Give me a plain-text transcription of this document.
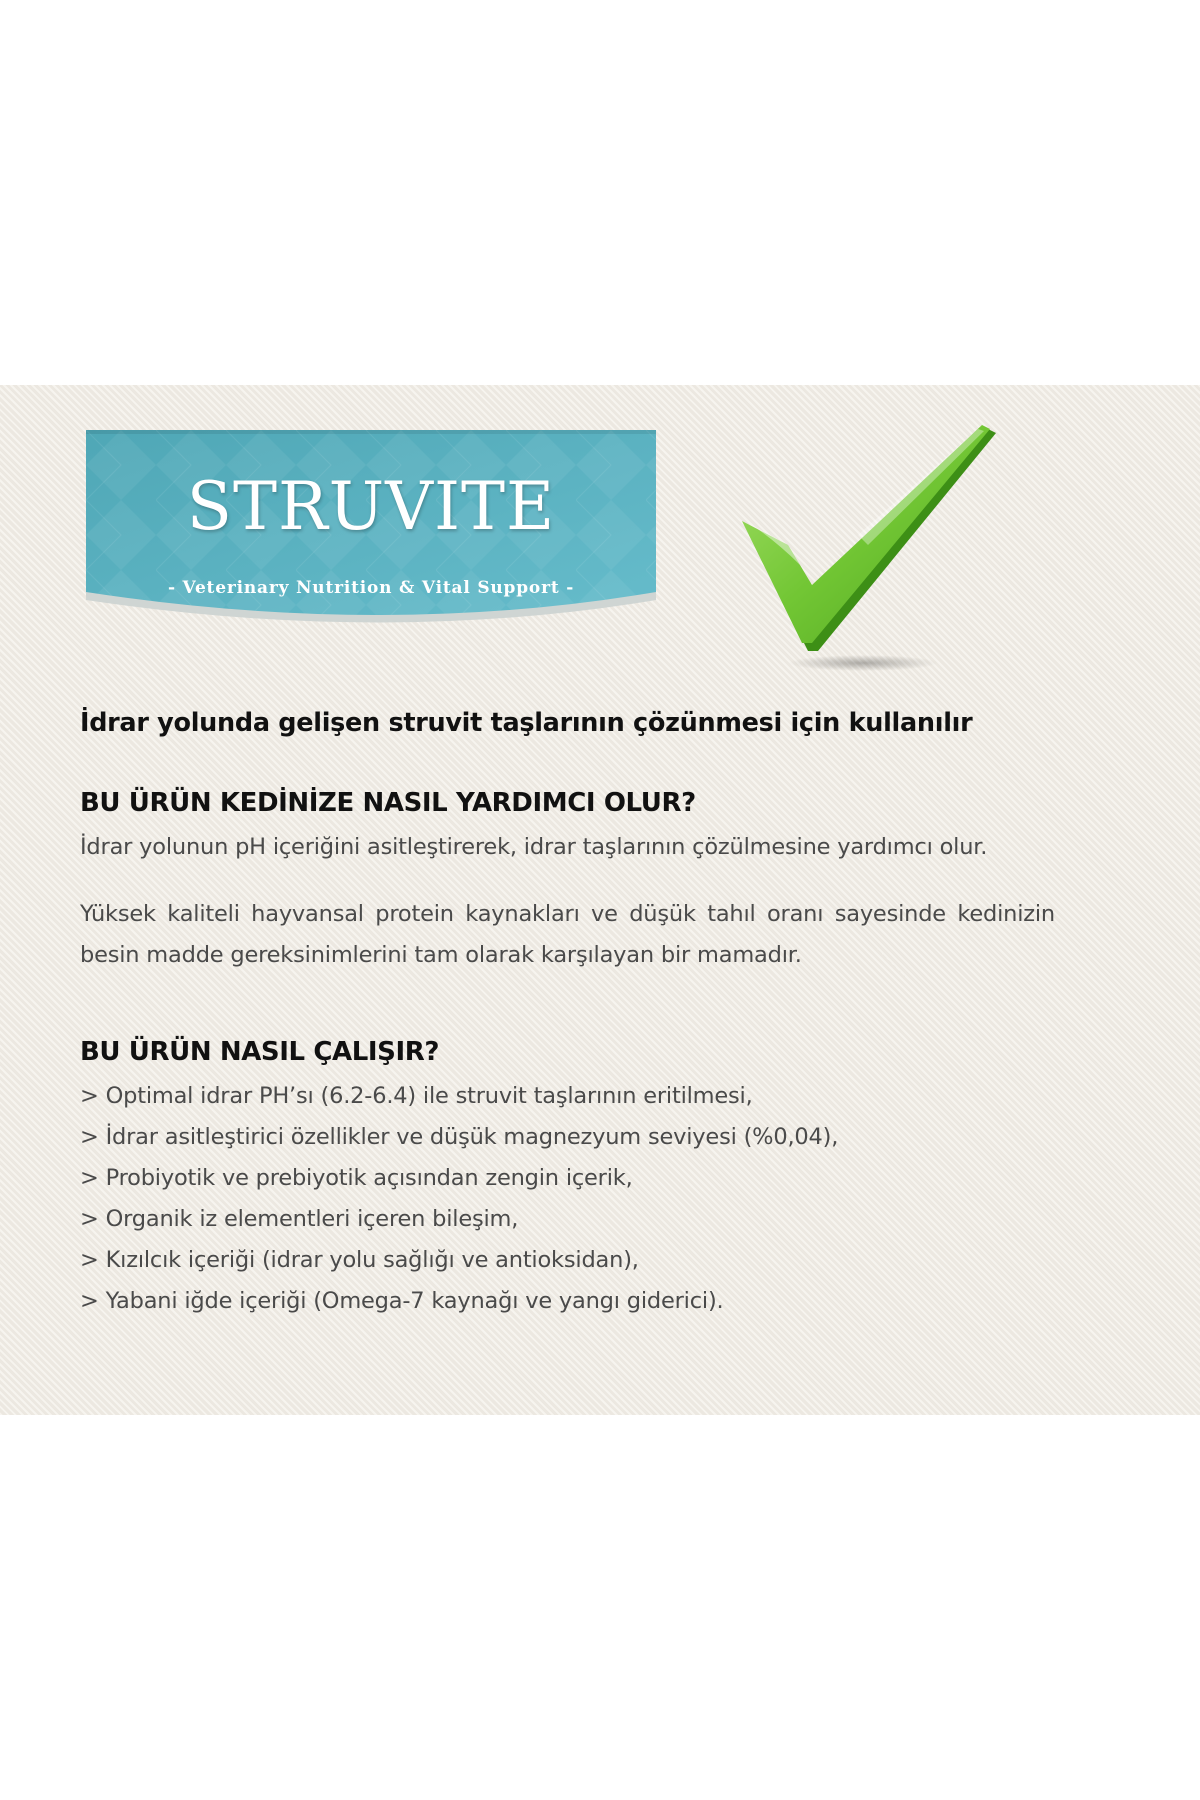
STRUVITE
- Veterinary Nutrition & Vital Support -

İdrar yolunda gelişen struvit taşlarının çözünmesi için kullanılır

BU ÜRÜN KEDİNİZE NASIL YARDIMCI OLUR?

İdrar yolunun pH içeriğini asitleştirerek, idrar taşlarının çözülmesine yardımcı olur.

Yüksek kaliteli hayvansal protein kaynakları ve düşük tahıl oranı sayesinde kedinizin besin madde gereksinimlerini tam olarak karşılayan bir mamadır.

BU ÜRÜN NASIL ÇALIŞIR?
> Optimal idrar PH’sı (6.2-6.4) ile struvit taşlarının eritilmesi,
> İdrar asitleştirici özellikler ve düşük magnezyum seviyesi (%0,04),
> Probiyotik ve prebiyotik açısından zengin içerik,
> Organik iz elementleri içeren bileşim,
> Kızılcık içeriği (idrar yolu sağlığı ve antioksidan),
> Yabani iğde içeriği (Omega-7 kaynağı ve yangı giderici).
